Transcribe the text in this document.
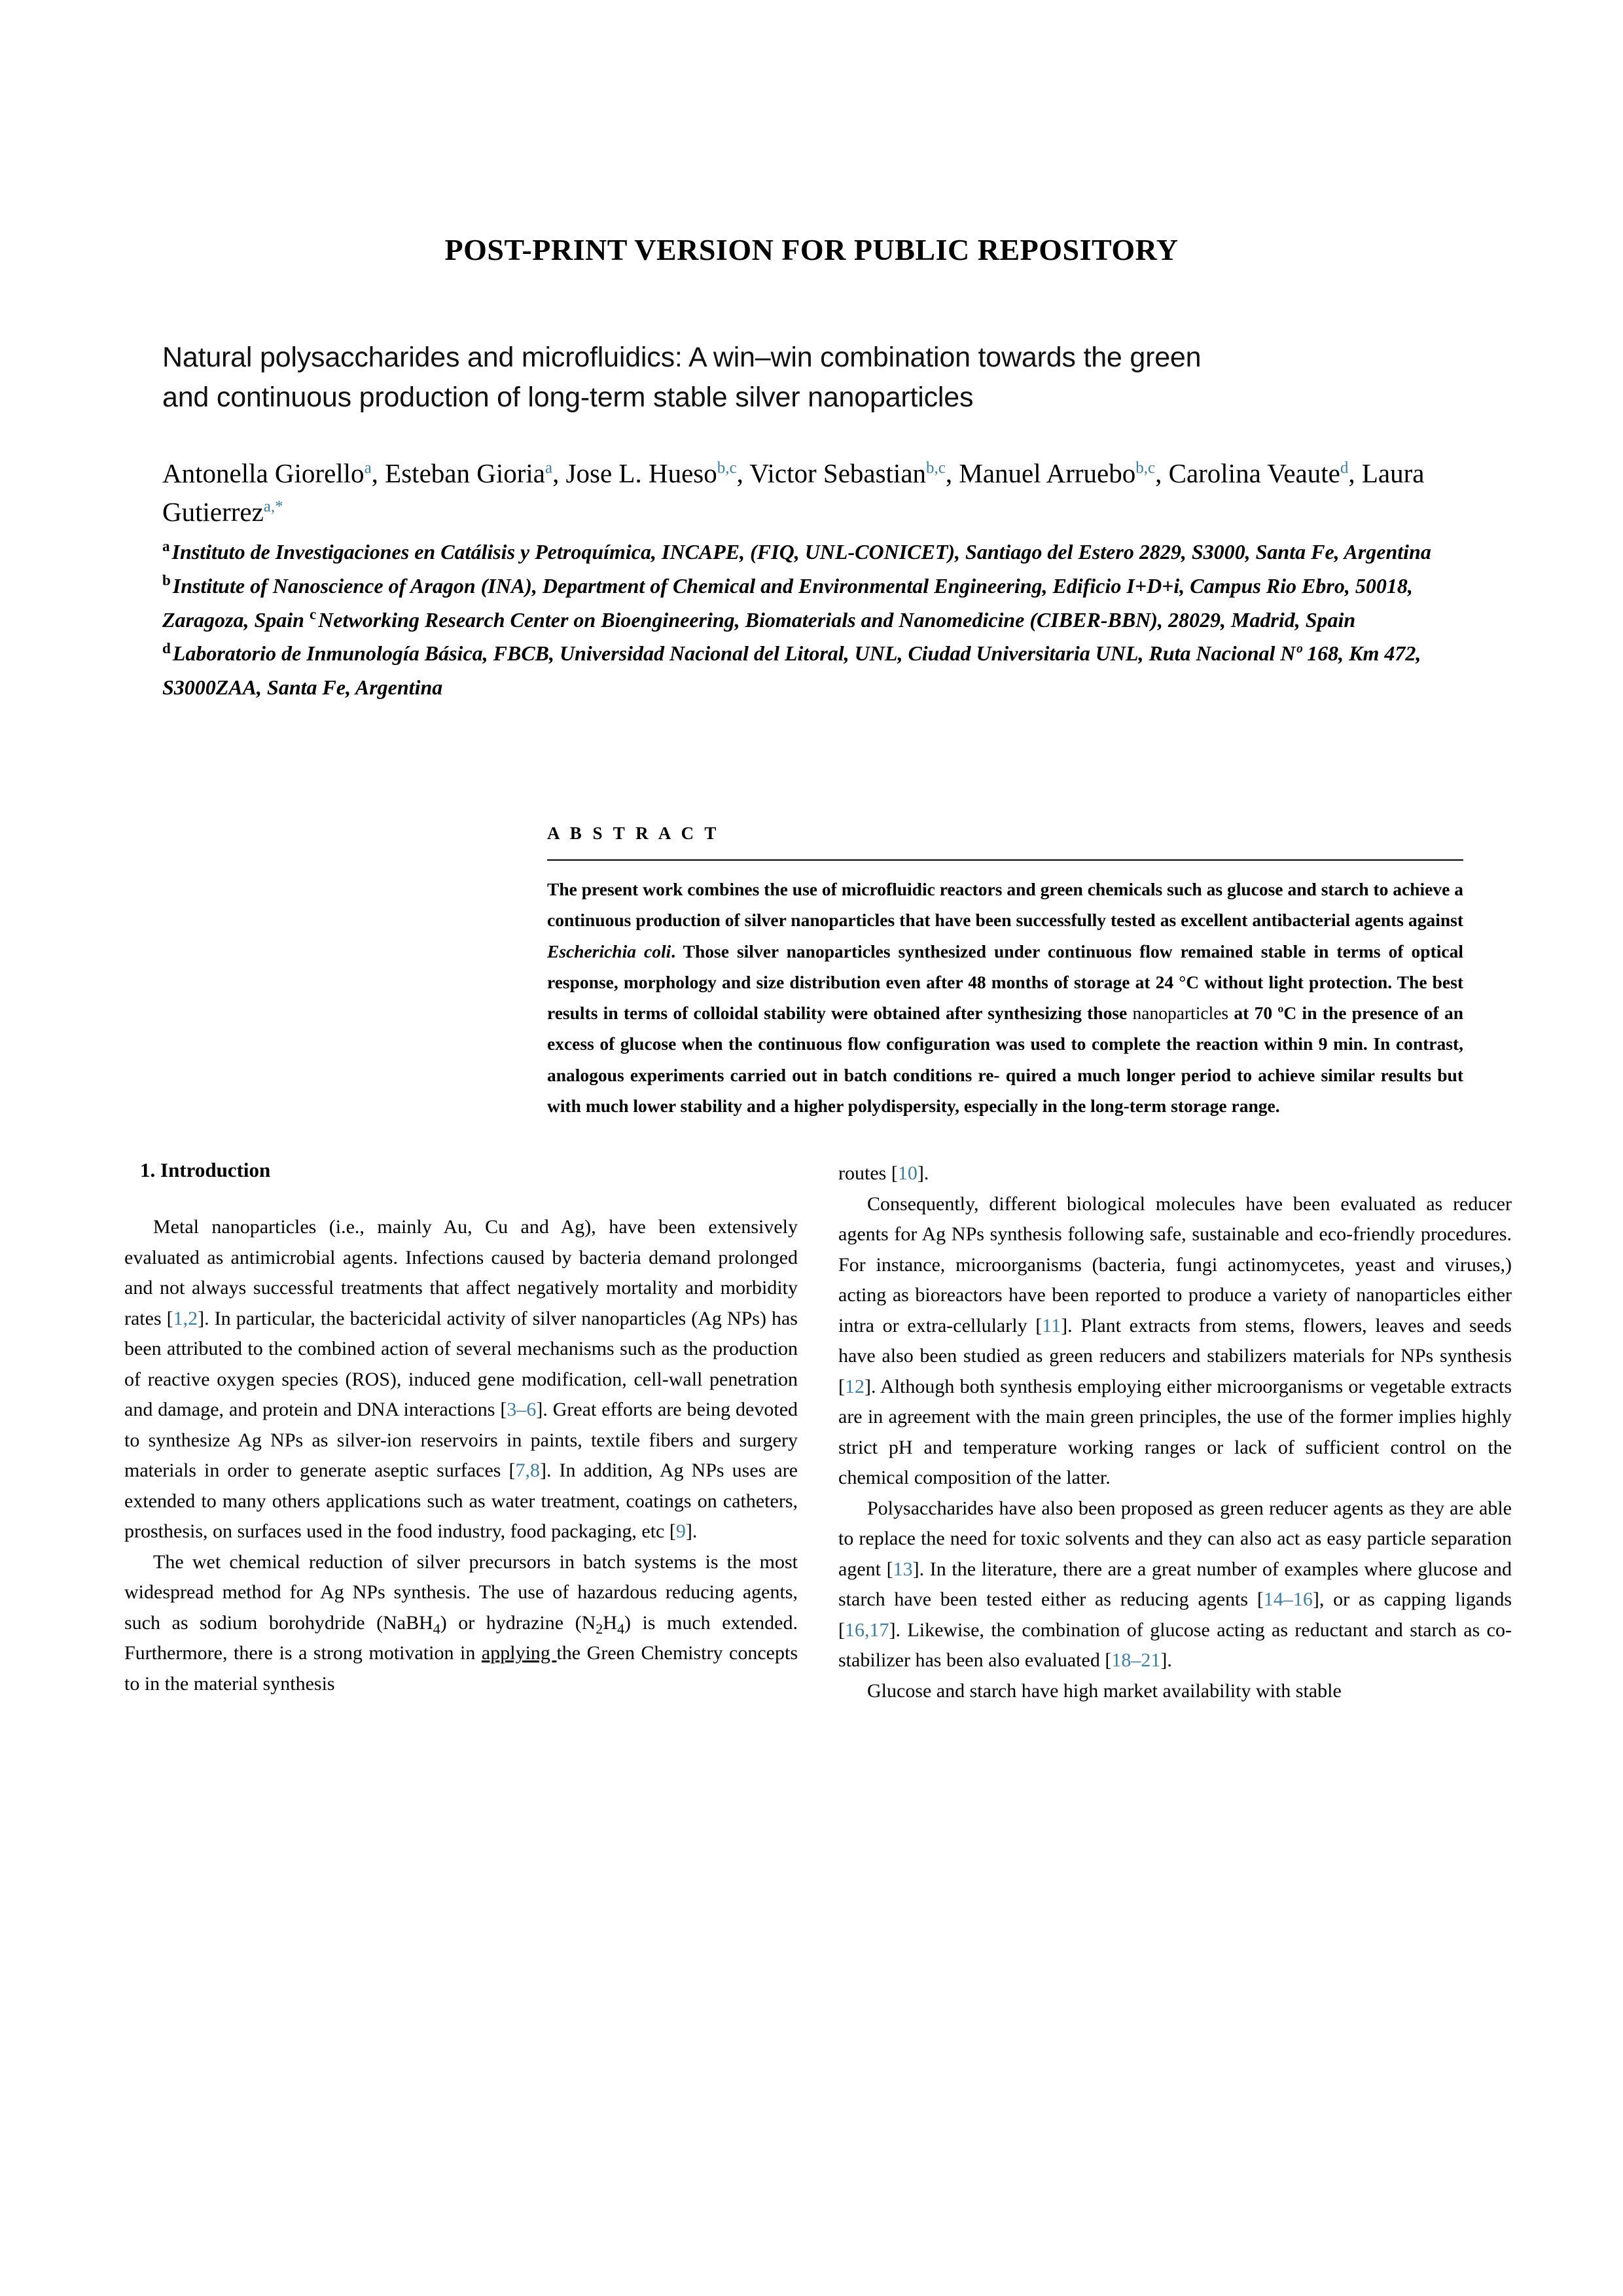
POST-PRINT VERSION FOR PUBLIC REPOSITORY
Natural polysaccharides and microfluidics: A win–win combination towards the green
and continuous production of long-term stable silver nanoparticles
Antonella Giorello$^a$, Esteban Gioria$^a$, Jose L. Hueso$^{b,c}$, Victor Sebastian$^{b,c}$, Manuel Arruebo$^{b,c}$, Carolina Veaute$^d$, Laura Gutierrez$^{a,*}$
$^a$Instituto de Investigaciones en Catálisis y Petroquímica, INCAPE, (FIQ, UNL-CONICET), Santiago del Estero 2829, S3000, Santa Fe, Argentina $^b$Institute of Nanoscience of Aragon (INA), Department of Chemical and Environmental Engineering, Edificio I+D+i, Campus Rio Ebro, 50018, Zaragoza, Spain $^c$Networking Research Center on Bioengineering, Biomaterials and Nanomedicine (CIBER-BBN), 28029, Madrid, Spain $^d$Laboratorio de Inmunología Básica, FBCB, Universidad Nacional del Litoral, UNL, Ciudad Universitaria UNL, Ruta Nacional Nº 168, Km 472, S3000ZAA, Santa Fe, Argentina
A B S T R A C T
The present work combines the use of microfluidic reactors and green chemicals such as glucose and starch to achieve a continuous production of silver nanoparticles that have been successfully tested as excellent antibacterial agents against Escherichia coli. Those silver nanoparticles synthesized under continuous flow remained stable in terms of optical response, morphology and size distribution even after 48 months of storage at 24 °C without light protection. The best results in terms of colloidal stability were obtained after synthesizing those nanoparticles at 70 ºC in the presence of an excess of glucose when the continuous flow configuration was used to complete the reaction within 9 min. In contrast, analogous experiments carried out in batch conditions re- quired a much longer period to achieve similar results but with much lower stability and a higher polydispersity, especially in the long-term storage range.
1. Introduction

Metal nanoparticles (i.e., mainly Au, Cu and Ag), have been extensively evaluated as antimicrobial agents. Infections caused by bacteria demand prolonged and not always successful treatments that affect negatively mortality and morbidity rates [1,2]. In particular, the bactericidal activity of silver nanoparticles (Ag NPs) has been attributed to the combined action of several mechanisms such as the production of reactive oxygen species (ROS), induced gene modification, cell-wall penetration and damage, and protein and DNA interactions [3–6]. Great efforts are being devoted to synthesize Ag NPs as silver-ion reservoirs in paints, textile fibers and surgery materials in order to generate aseptic surfaces [7,8]. In addition, Ag NPs uses are extended to many others applications such as water treatment, coatings on catheters, prosthesis, on surfaces used in the food industry, food packaging, etc [9].

The wet chemical reduction of silver precursors in batch systems is the most widespread method for Ag NPs synthesis. The use of hazardous reducing agents, such as sodium borohydride (NaBH$_4$) or hydrazine $(N_2H_4)$ is much extended. Furthermore, there is a strong motivation in applying the Green Chemistry concepts to in the material synthesis

routes [10].

Consequently, different biological molecules have been evaluated as reducer agents for Ag NPs synthesis following safe, sustainable and eco-friendly procedures. For instance, microorganisms (bacteria, fungi actinomycetes, yeast and viruses,) acting as bioreactors have been reported to produce a variety of nanoparticles either intra or extra-cellularly [11]. Plant extracts from stems, flowers, leaves and seeds have also been studied as green reducers and stabilizers materials for NPs synthesis [12]. Although both synthesis employing either microorganisms or vegetable extracts are in agreement with the main green principles, the use of the former implies highly strict pH and temperature working ranges or lack of sufficient control on the chemical composition of the latter.

Polysaccharides have also been proposed as green reducer agents as they are able to replace the need for toxic solvents and they can also act as easy particle separation agent [13]. In the literature, there are a great number of examples where glucose and starch have been tested either as reducing agents [14–16], or as capping ligands [16,17]. Likewise, the combination of glucose acting as reductant and starch as co-stabilizer has been also evaluated [18–21].

Glucose and starch have high market availability with stable
